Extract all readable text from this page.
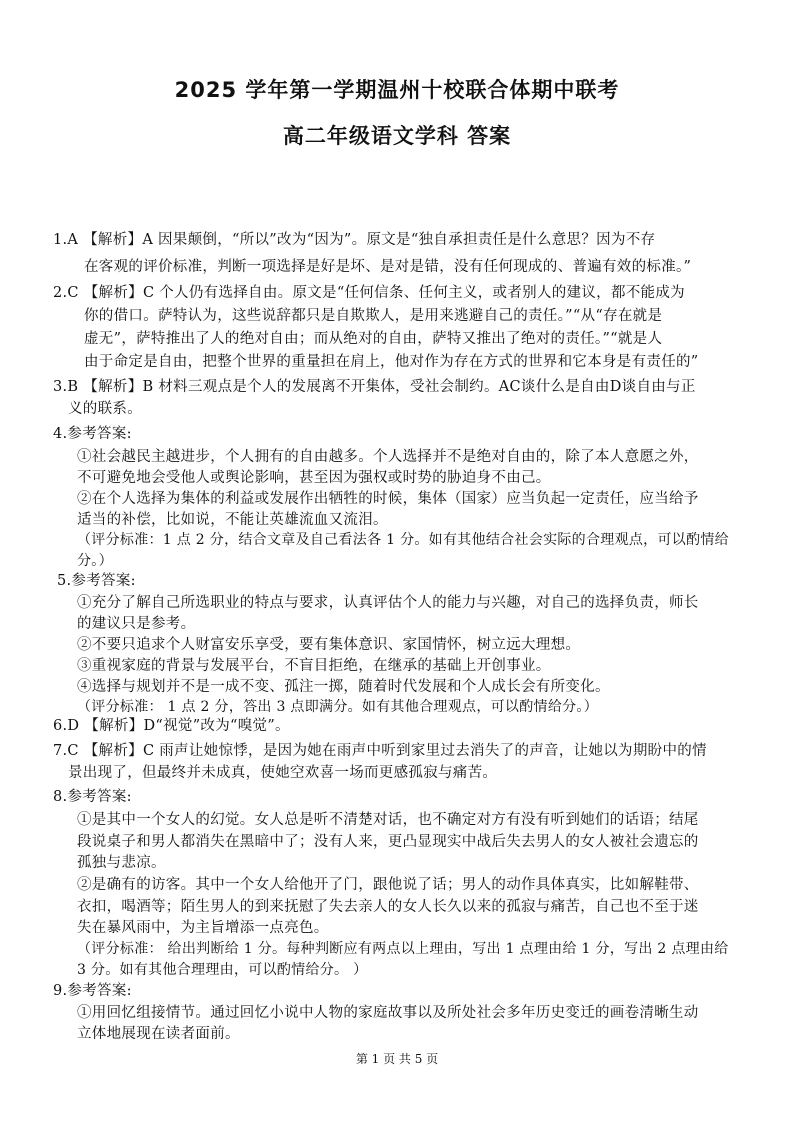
2025 学年第一学期温州十校联合体期中联考
高二年级语文学科 答案
1.A 【解析】A 因果颠倒，“所以”改为“因为”。原文是“独自承担责任是什么意思？因为不存
在客观的评价标准，判断一项选择是好是坏、是对是错，没有任何现成的、普遍有效的标准。”
2.C 【解析】C 个人仍有选择自由。原文是“任何信条、任何主义，或者别人的建议，都不能成为
你的借口。萨特认为，这些说辞都只是自欺欺人，是用来逃避自己的责任。”“从“存在就是
虚无”，萨特推出了人的绝对自由；而从绝对的自由，萨特又推出了绝对的责任。”“就是人
由于命定是自由，把整个世界的重量担在肩上，他对作为存在方式的世界和它本身是有责任的”
3.B 【解析】B 材料三观点是个人的发展离不开集体，受社会制约。AC谈什么是自由D谈自由与正
义的联系。
4.参考答案:
①社会越民主越进步，个人拥有的自由越多。个人选择并不是绝对自由的，除了本人意愿之外，
不可避免地会受他人或舆论影响，甚至因为强权或时势的胁迫身不由己。
②在个人选择为集体的利益或发展作出牺牲的时候，集体（国家）应当负起一定责任，应当给予
适当的补偿，比如说，不能让英雄流血又流泪。
（评分标准：1 点 2 分，结合文章及自己看法各 1 分。如有其他结合社会实际的合理观点，可以酌情给
分。）
5.参考答案:
①充分了解自己所选职业的特点与要求，认真评估个人的能力与兴趣，对自己的选择负责，师长
的建议只是参考。
②不要只追求个人财富安乐享受，要有集体意识、家国情怀，树立远大理想。
③重视家庭的背景与发展平台，不盲目拒绝，在继承的基础上开创事业。
④选择与规划并不是一成不变、孤注一掷，随着时代发展和个人成长会有所变化。
（评分标准： 1 点 2 分，答出 3 点即满分。如有其他合理观点，可以酌情给分。）
6.D 【解析】D“视觉”改为“嗅觉”。
7.C 【解析】C 雨声让她惊悸，是因为她在雨声中听到家里过去消失了的声音，让她以为期盼中的情
景出现了，但最终并未成真，使她空欢喜一场而更感孤寂与痛苦。
8.参考答案:
①是其中一个女人的幻觉。女人总是听不清楚对话，也不确定对方有没有听到她们的话语；结尾
段说桌子和男人都消失在黑暗中了；没有人来，更凸显现实中战后失去男人的女人被社会遗忘的
孤独与悲凉。
②是确有的访客。其中一个女人给他开了门，跟他说了话；男人的动作具体真实，比如解鞋带、
衣扣，喝酒等；陌生男人的到来抚慰了失去亲人的女人长久以来的孤寂与痛苦，自己也不至于迷
失在暴风雨中，为主旨增添一点亮色。
（评分标准： 给出判断给 1 分。每种判断应有两点以上理由，写出 1 点理由给 1 分，写出 2 点理由给
3 分。如有其他合理理由，可以酌情给分。 ）
9.参考答案:
①用回忆组接情节。通过回忆小说中人物的家庭故事以及所处社会多年历史变迁的画卷清晰生动
立体地展现在读者面前。
第 1 页 共 5 页
